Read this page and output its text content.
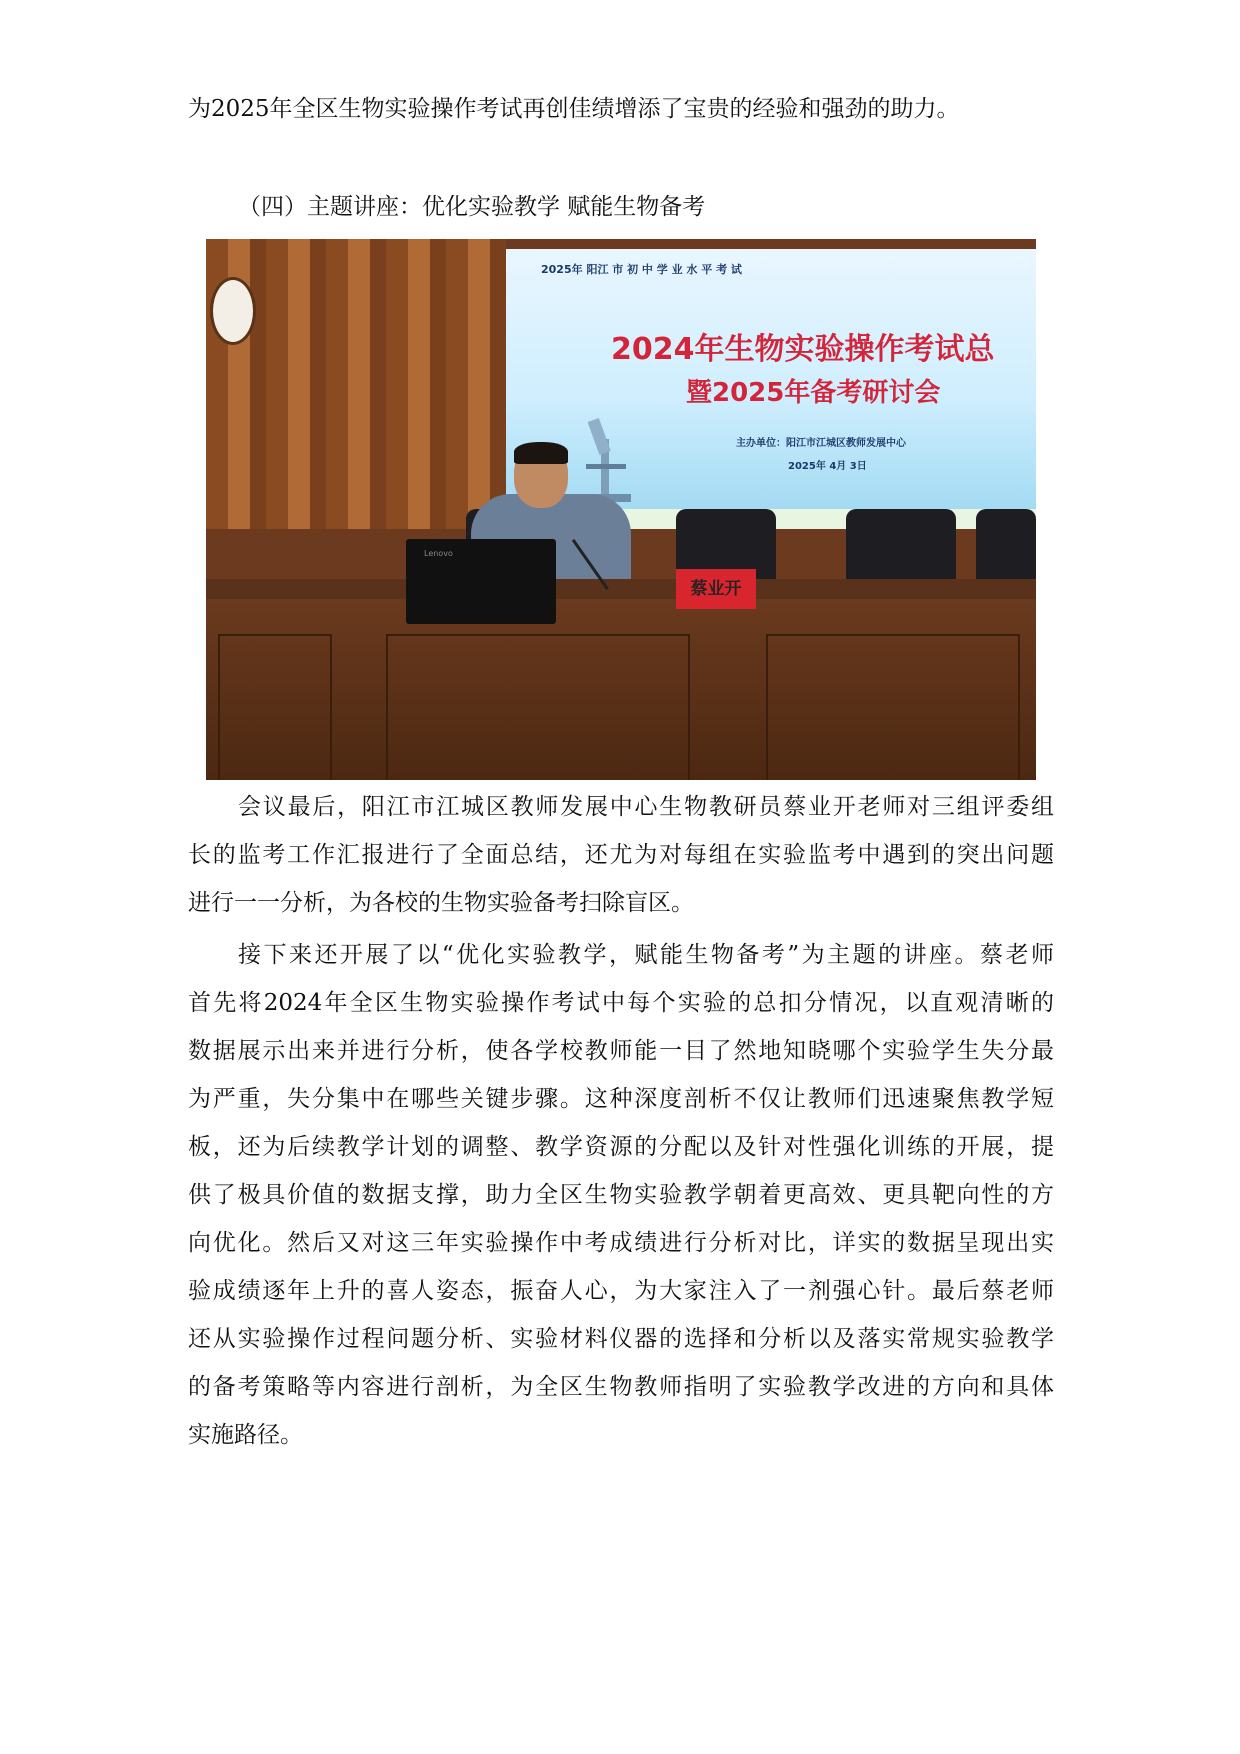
为2025年全区生物实验操作考试再创佳绩增添了宝贵的经验和强劲的助力。
（四）主题讲座：优化实验教学 赋能生物备考
2025年 阳江 市 初 中 学 业 水 平 考 试
2024年生物实验操作考试总
暨2025年备考研讨会
主办单位：阳江市江城区教师发展中心
2025年 4月 3日
Lenovo
蔡业开
会议最后，阳江市江城区教师发展中心生物教研员蔡业开老师对三组评委组
长的监考工作汇报进行了全面总结，还尤为对每组在实验监考中遇到的突出问题
进行一一分析，为各校的生物实验备考扫除盲区。
接下来还开展了以“优化实验教学，赋能生物备考”为主题的讲座。蔡老师
首先将2024年全区生物实验操作考试中每个实验的总扣分情况，以直观清晰的
数据展示出来并进行分析，使各学校教师能一目了然地知晓哪个实验学生失分最
为严重，失分集中在哪些关键步骤。这种深度剖析不仅让教师们迅速聚焦教学短
板，还为后续教学计划的调整、教学资源的分配以及针对性强化训练的开展，提
供了极具价值的数据支撑，助力全区生物实验教学朝着更高效、更具靶向性的方
向优化。然后又对这三年实验操作中考成绩进行分析对比，详实的数据呈现出实
验成绩逐年上升的喜人姿态，振奋人心，为大家注入了一剂强心针。最后蔡老师
还从实验操作过程问题分析、实验材料仪器的选择和分析以及落实常规实验教学
的备考策略等内容进行剖析，为全区生物教师指明了实验教学改进的方向和具体
实施路径。
